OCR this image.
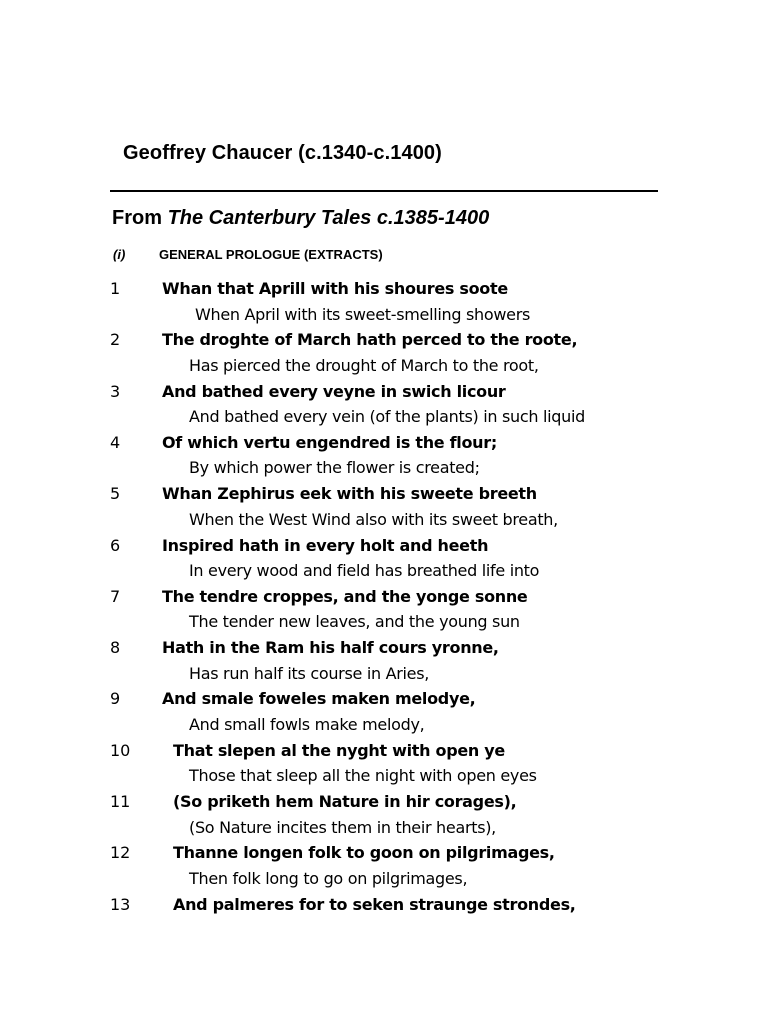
Geoffrey Chaucer (c.1340-c.1400)
From The Canterbury Tales c.1385-1400
(i)	GENERAL PROLOGUE (EXTRACTS)
1	Whan that Aprill with his shoures soote
When April with its sweet-smelling showers
2	The droghte of March hath perced to the roote,
Has pierced the drought of March to the root,
3	And bathed every veyne in swich licour
And bathed every vein (of the plants) in such liquid
4	Of which vertu engendred is the flour;
By which power the flower is created;
5	Whan Zephirus eek with his sweete breeth
When the West Wind also with its sweet breath,
6	Inspired hath in every holt and heeth
In every wood and field has breathed life into
7	The tendre croppes, and the yonge sonne
The tender new leaves, and the young sun
8	Hath in the Ram his half cours yronne,
Has run half its course in Aries,
9	And smale foweles maken melodye,
And small fowls make melody,
10	That slepen al the nyght with open ye
Those that sleep all the night with open eyes
11	(So priketh hem Nature in hir corages),
(So Nature incites them in their hearts),
12	Thanne longen folk to goon on pilgrimages,
Then folk long to go on pilgrimages,
13	And palmeres for to seken straunge strondes,
